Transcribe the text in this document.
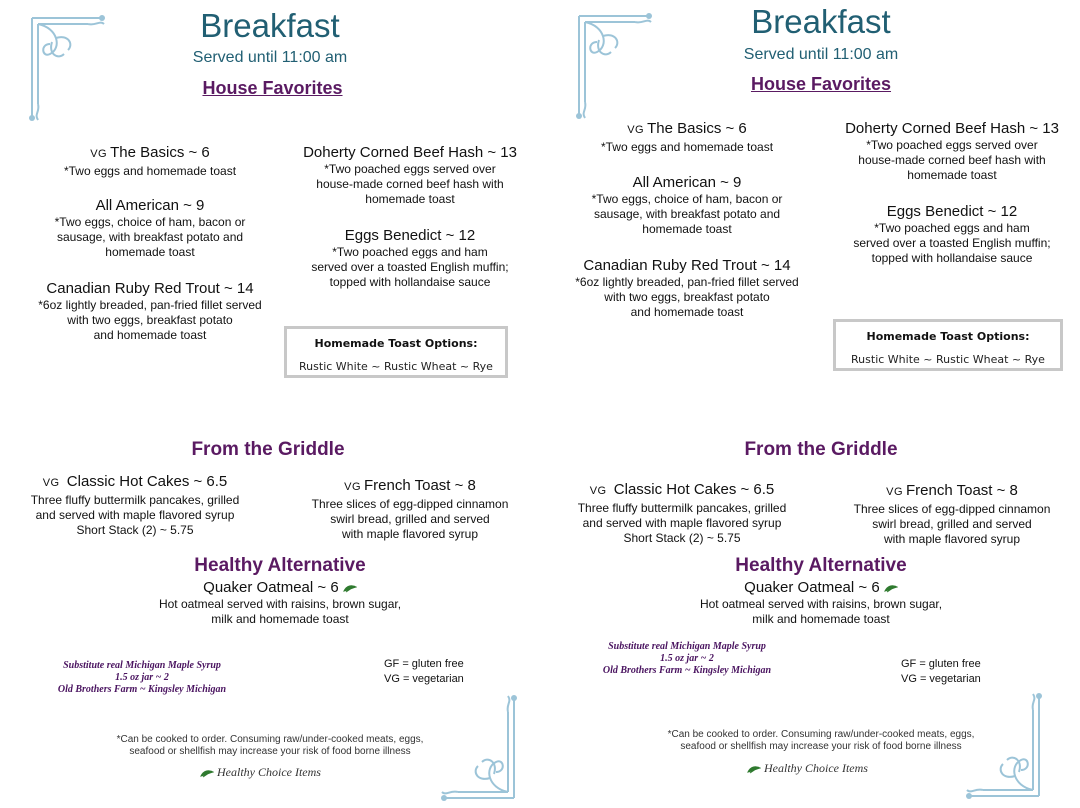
Breakfast
Served until 11:00 am
House Favorites
VG The Basics ~ 6
*Two eggs and homemade toast
All American ~ 9
*Two eggs, choice of ham, bacon or
sausage, with breakfast potato and
homemade toast
Canadian Ruby Red Trout ~ 14
*6oz lightly breaded, pan-fried fillet served
with two eggs, breakfast potato
and homemade toast
Doherty Corned Beef Hash ~ 13
*Two poached eggs served over
house-made corned beef hash with
homemade toast
Eggs Benedict ~ 12
*Two poached eggs and ham
served over a toasted English muffin;
topped with hollandaise sauce
Homemade Toast Options:
Rustic White ~ Rustic Wheat ~ Rye
From the Griddle
VG Classic Hot Cakes ~ 6.5
Three fluffy buttermilk pancakes, grilled
and served with maple flavored syrup
Short Stack (2) ~ 5.75
VG French Toast ~ 8
Three slices of egg-dipped cinnamon
swirl bread, grilled and served
with maple flavored syrup
Healthy Alternative
Quaker Oatmeal ~ 6
Hot oatmeal served with raisins, brown sugar,
milk and homemade toast
Substitute real Michigan Maple Syrup
1.5 oz jar ~ 2
Old Brothers Farm ~ Kingsley Michigan
GF = gluten free
VG = vegetarian
*Can be cooked to order. Consuming raw/under-cooked meats, eggs,
seafood or shellfish may increase your risk of food borne illness
Healthy Choice Items
Breakfast
Served until 11:00 am
House Favorites
VG The Basics ~ 6
*Two eggs and homemade toast
All American ~ 9
*Two eggs, choice of ham, bacon or
sausage, with breakfast potato and
homemade toast
Canadian Ruby Red Trout ~ 14
*6oz lightly breaded, pan-fried fillet served
with two eggs, breakfast potato
and homemade toast
Doherty Corned Beef Hash ~ 13
*Two poached eggs served over
house-made corned beef hash with
homemade toast
Eggs Benedict ~ 12
*Two poached eggs and ham
served over a toasted English muffin;
topped with hollandaise sauce
Homemade Toast Options:
Rustic White ~ Rustic Wheat ~ Rye
From the Griddle
VG Classic Hot Cakes ~ 6.5
Three fluffy buttermilk pancakes, grilled
and served with maple flavored syrup
Short Stack (2) ~ 5.75
VG French Toast ~ 8
Three slices of egg-dipped cinnamon
swirl bread, grilled and served
with maple flavored syrup
Healthy Alternative
Quaker Oatmeal ~ 6
Hot oatmeal served with raisins, brown sugar,
milk and homemade toast
Substitute real Michigan Maple Syrup
1.5 oz jar ~ 2
Old Brothers Farm ~ Kingsley Michigan
GF = gluten free
VG = vegetarian
*Can be cooked to order. Consuming raw/under-cooked meats, eggs,
seafood or shellfish may increase your risk of food borne illness
Healthy Choice Items
